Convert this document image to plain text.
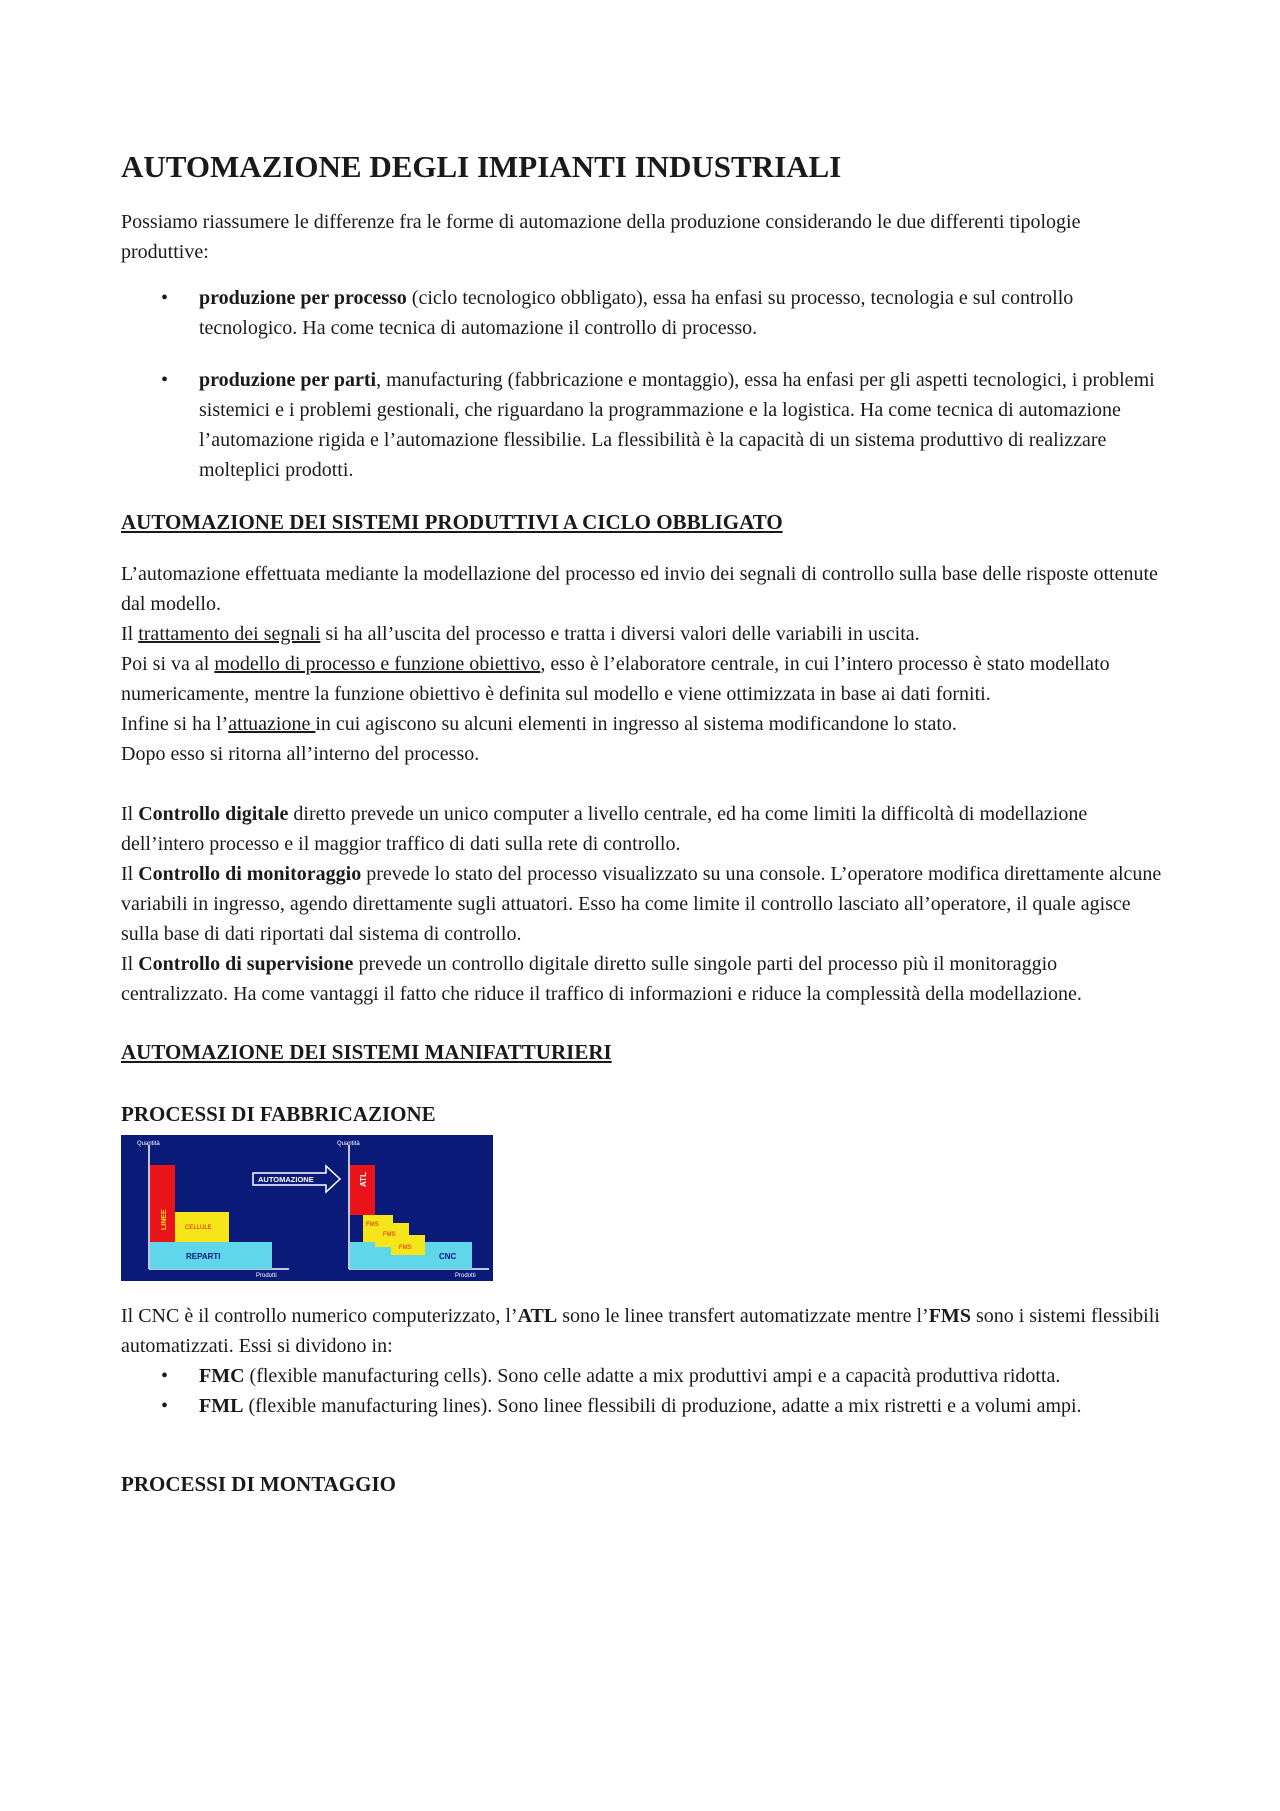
AUTOMAZIONE DEGLI IMPIANTI INDUSTRIALI

Possiamo riassumere le differenze fra le forme di automazione della produzione considerando le due differenti tipologie produttive:

• produzione per processo (ciclo tecnologico obbligato), essa ha enfasi su processo, tecnologia e sul controllo tecnologico. Ha come tecnica di automazione il controllo di processo.
• produzione per parti, manufacturing (fabbricazione e montaggio), essa ha enfasi per gli aspetti tecnologici, i problemi sistemici e i problemi gestionali, che riguardano la programmazione e la logistica. Ha come tecnica di automazione l’automazione rigida e l’automazione flessibilie. La flessibilità è la capacità di un sistema produttivo di realizzare molteplici prodotti.
AUTOMAZIONE DEI SISTEMI PRODUTTIVI A CICLO OBBLIGATO

L’automazione effettuata mediante la modellazione del processo ed invio dei segnali di controllo sulla base delle risposte ottenute dal modello.

Il trattamento dei segnali si ha all’uscita del processo e tratta i diversi valori delle variabili in uscita.

Poi si va al modello di processo e funzione obiettivo, esso è l’elaboratore centrale, in cui l’intero processo è stato modellato numericamente, mentre la funzione obiettivo è definita sul modello e viene ottimizzata in base ai dati forniti.

Infine si ha l’attuazione in cui agiscono su alcuni elementi in ingresso al sistema modificandone lo stato.

Dopo esso si ritorna all’interno del processo.

Il Controllo digitale diretto prevede un unico computer a livello centrale, ed ha come limiti la difficoltà di modellazione dell’intero processo e il maggior traffico di dati sulla rete di controllo.

Il Controllo di monitoraggio prevede lo stato del processo visualizzato su una console. L’operatore modifica direttamente alcune variabili in ingresso, agendo direttamente sugli attuatori. Esso ha come limite il controllo lasciato all’operatore, il quale agisce sulla base di dati riportati dal sistema di controllo.

Il Controllo di supervisione prevede un controllo digitale diretto sulle singole parti del processo più il monitoraggio centralizzato. Ha come vantaggi il fatto che riduce il traffico di informazioni e riduce la complessità della modellazione.

AUTOMAZIONE DEI SISTEMI MANIFATTURIERI
PROCESSI DI FABBRICAZIONE
Quantità
Prodotti
REPARTI
LINEE	CELLULE
AUTOMAZIONE
Quantità
Prodotti
CNC
ATL
FMS
FMS
FMS

Il CNC è il controllo numerico computerizzato, l’ATL sono le linee transfert automatizzate mentre l’FMS sono i sistemi flessibili automatizzati. Essi si dividono in:

• FMC (flexible manufacturing cells). Sono celle adatte a mix produttivi ampi e a capacità produttiva ridotta.
• FML (flexible manufacturing lines). Sono linee flessibili di produzione, adatte a mix ristretti e a volumi ampi.
PROCESSI DI MONTAGGIO
